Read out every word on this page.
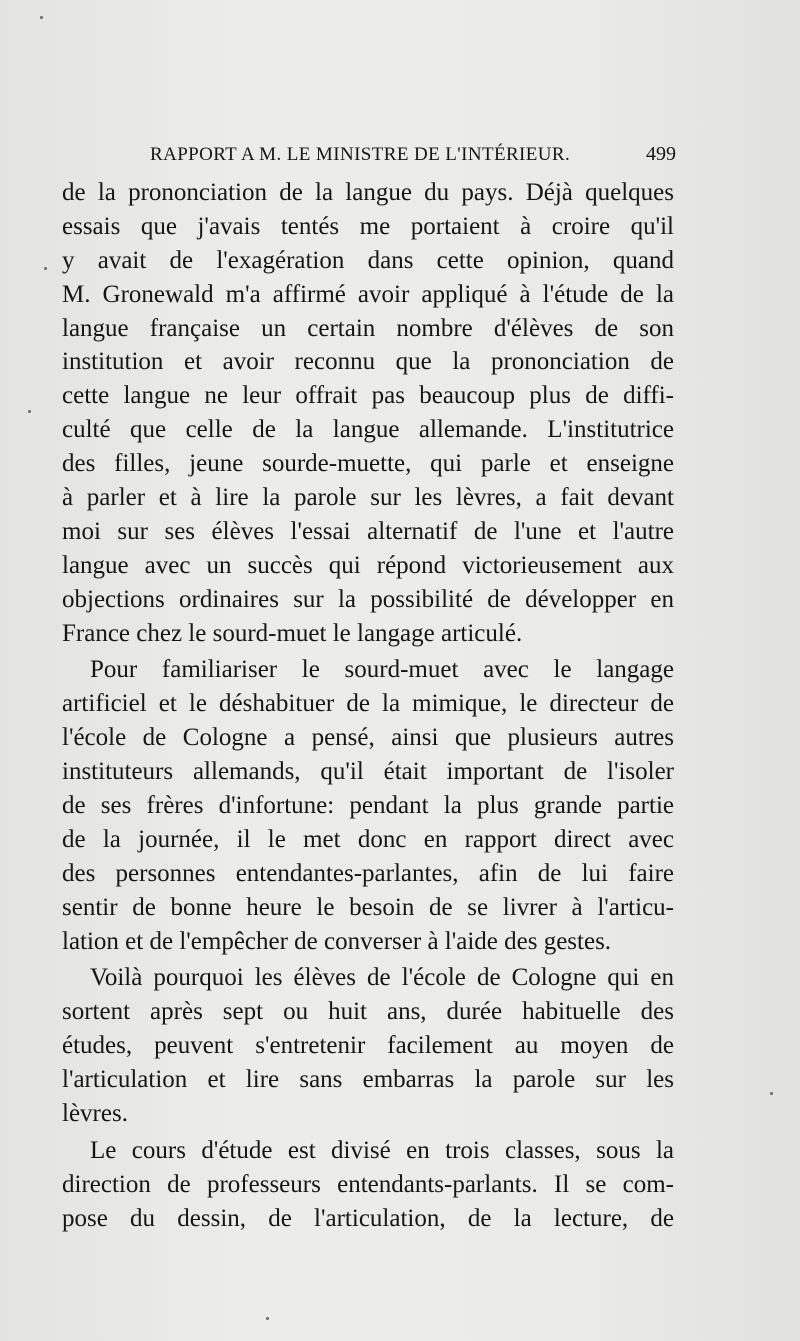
RAPPORT A M. LE MINISTRE DE L'INTÉRIEUR.	499
de la prononciation de la langue du pays. Déjà quelques
essais que j'avais tentés me portaient à croire qu'il
y avait de l'exagération dans cette opinion, quand
M. Gronewald m'a affirmé avoir appliqué à l'étude de la
langue française un certain nombre d'élèves de son
institution et avoir reconnu que la prononciation de
cette langue ne leur offrait pas beaucoup plus de diffi-
culté que celle de la langue allemande. L'institutrice
des filles, jeune sourde-muette, qui parle et enseigne
à parler et à lire la parole sur les lèvres, a fait devant
moi sur ses élèves l'essai alternatif de l'une et l'autre
langue avec un succès qui répond victorieusement aux
objections ordinaires sur la possibilité de développer en
France chez le sourd-muet le langage articulé.
Pour familiariser le sourd-muet avec le langage
artificiel et le déshabituer de la mimique, le directeur de
l'école de Cologne a pensé, ainsi que plusieurs autres
instituteurs allemands, qu'il était important de l'isoler
de ses frères d'infortune: pendant la plus grande partie
de la journée, il le met donc en rapport direct avec
des personnes entendantes-parlantes, afin de lui faire
sentir de bonne heure le besoin de se livrer à l'articu-
lation et de l'empêcher de converser à l'aide des gestes.
Voilà pourquoi les élèves de l'école de Cologne qui en
sortent après sept ou huit ans, durée habituelle des
études, peuvent s'entretenir facilement au moyen de
l'articulation et lire sans embarras la parole sur les
lèvres.
Le cours d'étude est divisé en trois classes, sous la
direction de professeurs entendants-parlants. Il se com-
pose du dessin, de l'articulation, de la lecture, de
